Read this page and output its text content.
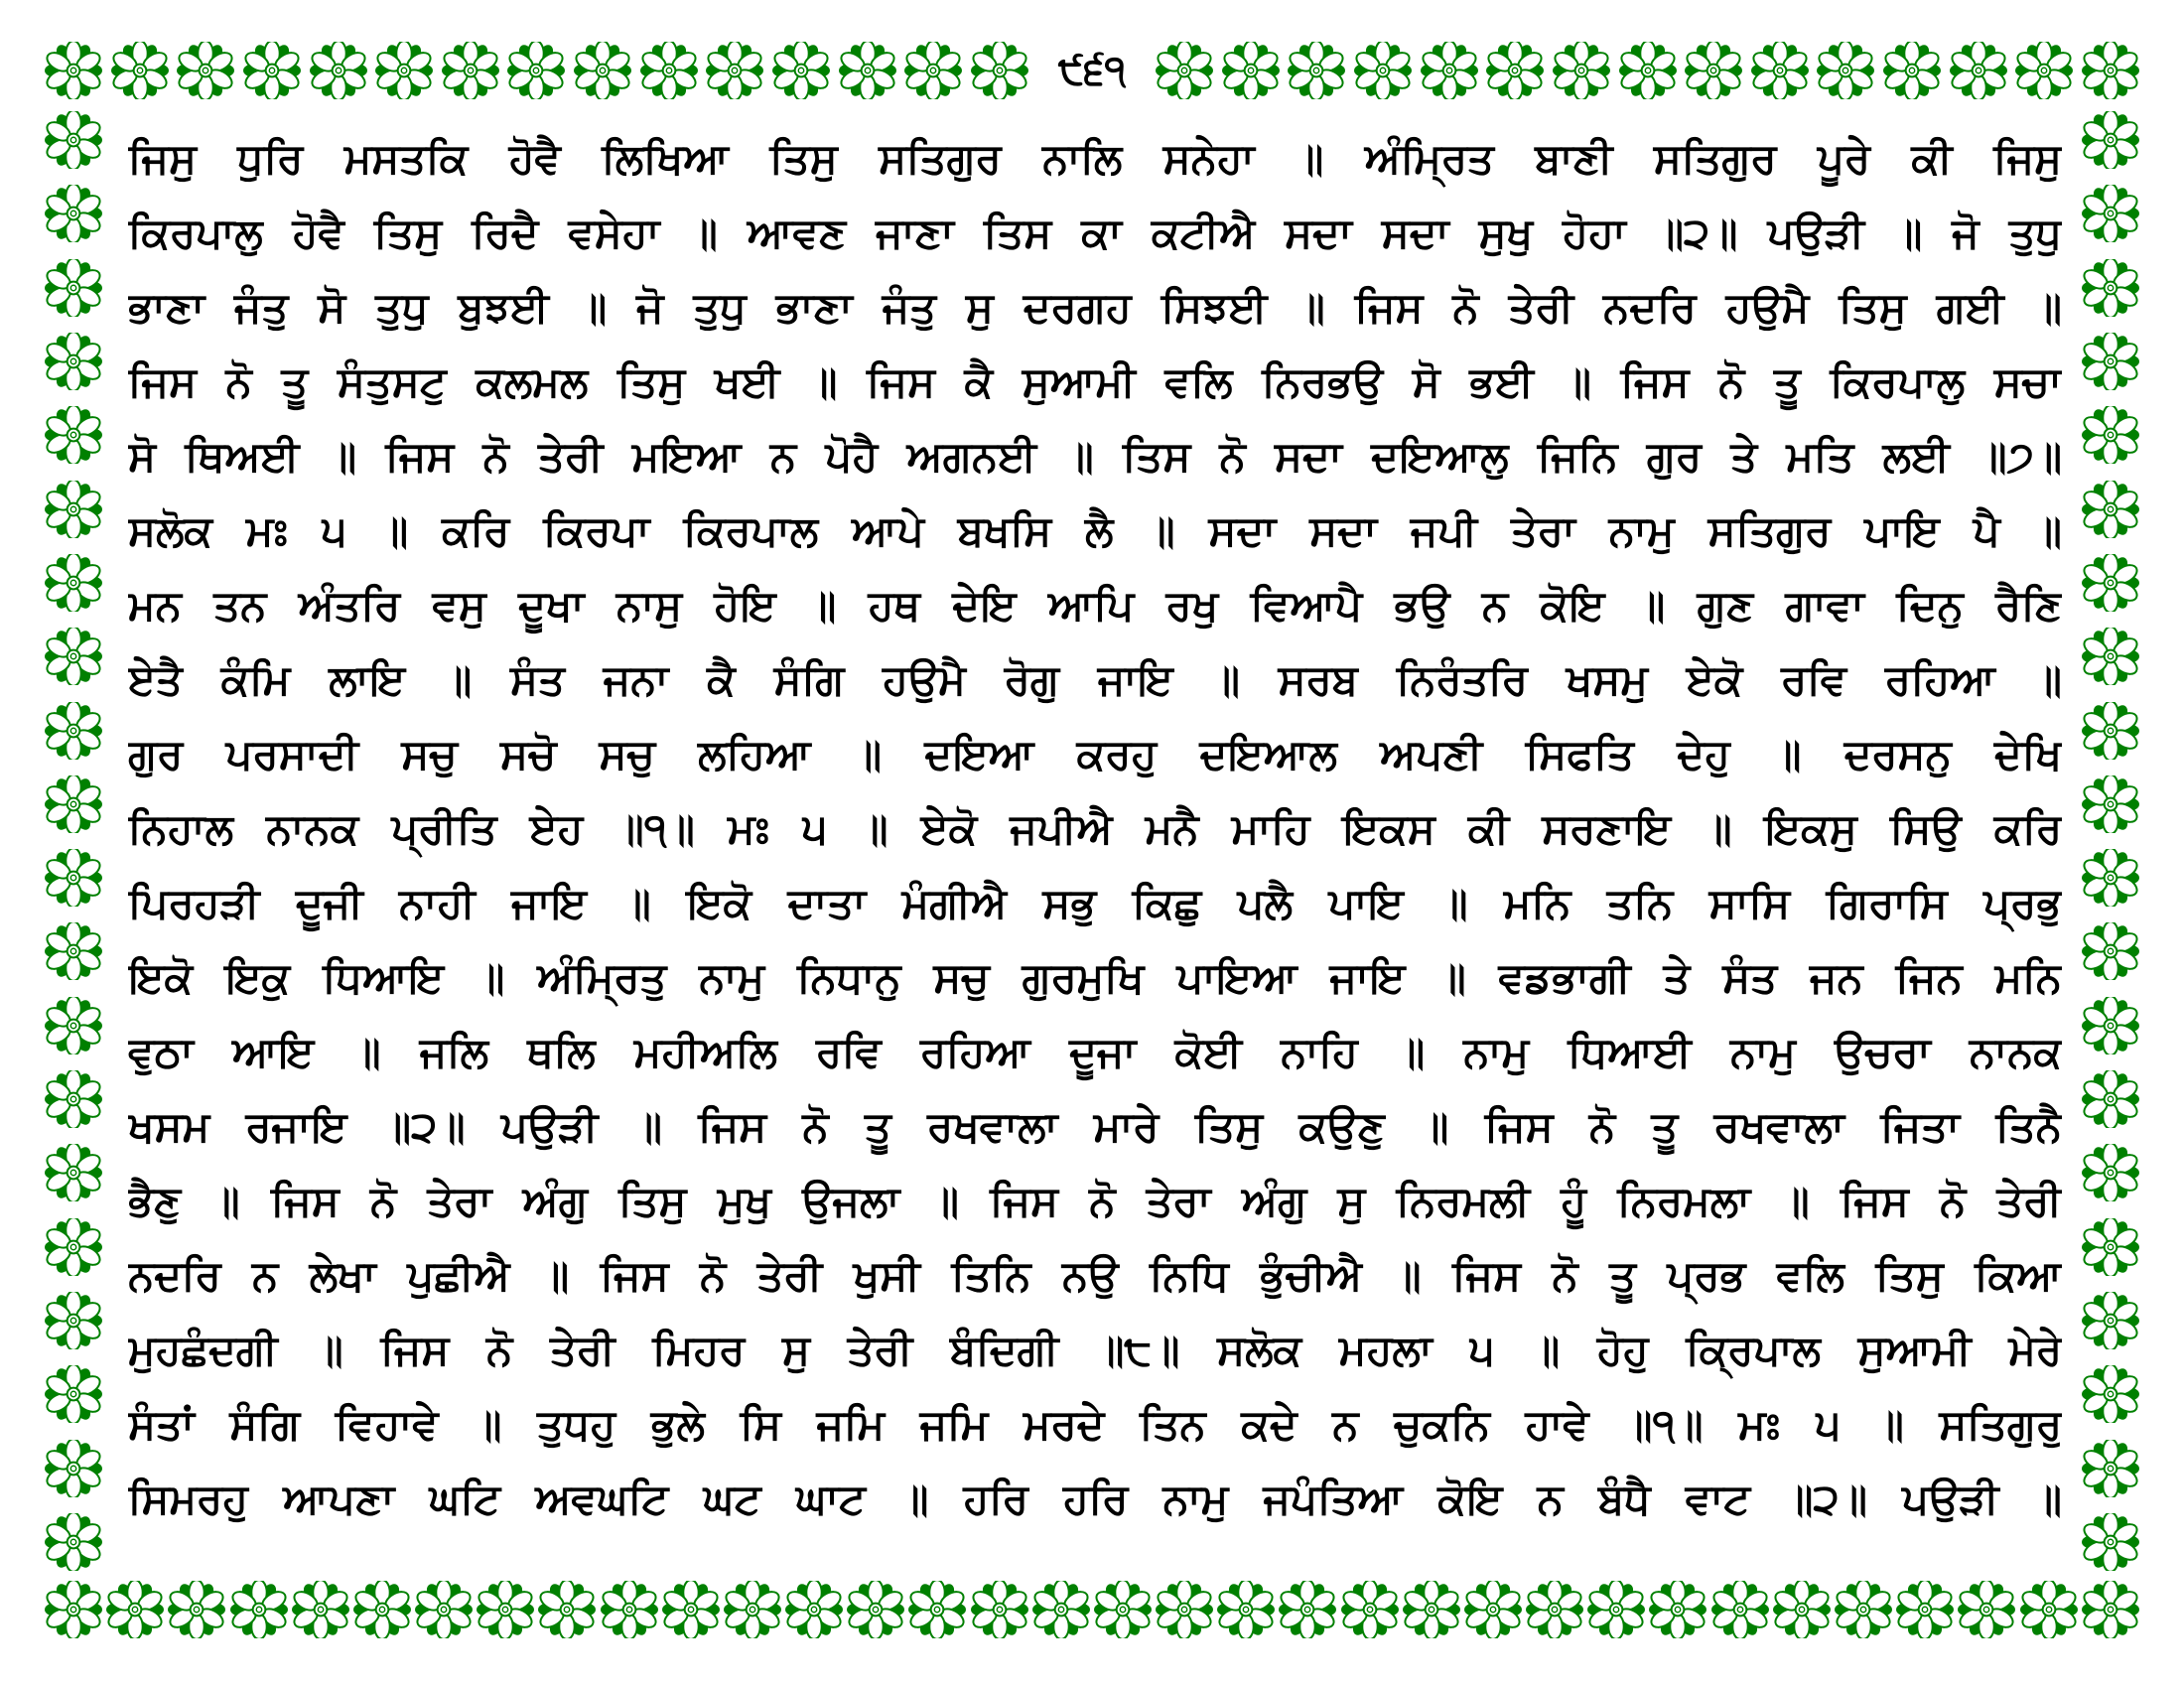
੯੬੧
ਜਿਸੁ ਧੁਰਿ ਮਸਤਕਿ ਹੋਵੈ ਲਿਖਿਆ ਤਿਸੁ ਸਤਿਗੁਰ ਨਾਲਿ ਸਨੇਹਾ ॥ ਅੰਮ੍ਰਿਤ ਬਾਣੀ ਸਤਿਗੁਰ ਪੂਰੇ ਕੀ ਜਿਸੁ
ਕਿਰਪਾਲੁ ਹੋਵੈ ਤਿਸੁ ਰਿਦੈ ਵਸੇਹਾ ॥ ਆਵਣ ਜਾਣਾ ਤਿਸ ਕਾ ਕਟੀਐ ਸਦਾ ਸਦਾ ਸੁਖੁ ਹੋਹਾ ॥੨॥ ਪਉੜੀ ॥ ਜੋ ਤੁਧੁ
ਭਾਣਾ ਜੰਤੁ ਸੋ ਤੁਧੁ ਬੁਝਈ ॥ ਜੋ ਤੁਧੁ ਭਾਣਾ ਜੰਤੁ ਸੁ ਦਰਗਹ ਸਿਝਈ ॥ ਜਿਸ ਨੋ ਤੇਰੀ ਨਦਰਿ ਹਉਮੈ ਤਿਸੁ ਗਈ ॥
ਜਿਸ ਨੋ ਤੂ ਸੰਤੁਸਟੁ ਕਲਮਲ ਤਿਸੁ ਖਈ ॥ ਜਿਸ ਕੈ ਸੁਆਮੀ ਵਲਿ ਨਿਰਭਉ ਸੋ ਭਈ ॥ ਜਿਸ ਨੋ ਤੂ ਕਿਰਪਾਲੁ ਸਚਾ
ਸੋ ਥਿਅਈ ॥ ਜਿਸ ਨੋ ਤੇਰੀ ਮਇਆ ਨ ਪੋਹੈ ਅਗਨਈ ॥ ਤਿਸ ਨੋ ਸਦਾ ਦਇਆਲੁ ਜਿਨਿ ਗੁਰ ਤੇ ਮਤਿ ਲਈ ॥੭॥
ਸਲੋਕ ਮਃ ੫ ॥ ਕਰਿ ਕਿਰਪਾ ਕਿਰਪਾਲ ਆਪੇ ਬਖਸਿ ਲੈ ॥ ਸਦਾ ਸਦਾ ਜਪੀ ਤੇਰਾ ਨਾਮੁ ਸਤਿਗੁਰ ਪਾਇ ਪੈ ॥
ਮਨ ਤਨ ਅੰਤਰਿ ਵਸੁ ਦੂਖਾ ਨਾਸੁ ਹੋਇ ॥ ਹਥ ਦੇਇ ਆਪਿ ਰਖੁ ਵਿਆਪੈ ਭਉ ਨ ਕੋਇ ॥ ਗੁਣ ਗਾਵਾ ਦਿਨੁ ਰੈਣਿ
ਏਤੈ ਕੰਮਿ ਲਾਇ ॥ ਸੰਤ ਜਨਾ ਕੈ ਸੰਗਿ ਹਉਮੈ ਰੋਗੁ ਜਾਇ ॥ ਸਰਬ ਨਿਰੰਤਰਿ ਖਸਮੁ ਏਕੋ ਰਵਿ ਰਹਿਆ ॥
ਗੁਰ ਪਰਸਾਦੀ ਸਚੁ ਸਚੋ ਸਚੁ ਲਹਿਆ ॥ ਦਇਆ ਕਰਹੁ ਦਇਆਲ ਅਪਣੀ ਸਿਫਤਿ ਦੇਹੁ ॥ ਦਰਸਨੁ ਦੇਖਿ
ਨਿਹਾਲ ਨਾਨਕ ਪ੍ਰੀਤਿ ਏਹ ॥੧॥ ਮਃ ੫ ॥ ਏਕੋ ਜਪੀਐ ਮਨੈ ਮਾਹਿ ਇਕਸ ਕੀ ਸਰਣਾਇ ॥ ਇਕਸੁ ਸਿਉ ਕਰਿ
ਪਿਰਹੜੀ ਦੂਜੀ ਨਾਹੀ ਜਾਇ ॥ ਇਕੋ ਦਾਤਾ ਮੰਗੀਐ ਸਭੁ ਕਿਛੁ ਪਲੈ ਪਾਇ ॥ ਮਨਿ ਤਨਿ ਸਾਸਿ ਗਿਰਾਸਿ ਪ੍ਰਭੁ
ਇਕੋ ਇਕੁ ਧਿਆਇ ॥ ਅੰਮ੍ਰਿਤੁ ਨਾਮੁ ਨਿਧਾਨੁ ਸਚੁ ਗੁਰਮੁਖਿ ਪਾਇਆ ਜਾਇ ॥ ਵਡਭਾਗੀ ਤੇ ਸੰਤ ਜਨ ਜਿਨ ਮਨਿ
ਵੁਠਾ ਆਇ ॥ ਜਲਿ ਥਲਿ ਮਹੀਅਲਿ ਰਵਿ ਰਹਿਆ ਦੂਜਾ ਕੋਈ ਨਾਹਿ ॥ ਨਾਮੁ ਧਿਆਈ ਨਾਮੁ ਉਚਰਾ ਨਾਨਕ
ਖਸਮ ਰਜਾਇ ॥੨॥ ਪਉੜੀ ॥ ਜਿਸ ਨੋ ਤੂ ਰਖਵਾਲਾ ਮਾਰੇ ਤਿਸੁ ਕਉਣੁ ॥ ਜਿਸ ਨੋ ਤੂ ਰਖਵਾਲਾ ਜਿਤਾ ਤਿਨੈ
ਭੈਣੁ ॥ ਜਿਸ ਨੋ ਤੇਰਾ ਅੰਗੁ ਤਿਸੁ ਮੁਖੁ ਉਜਲਾ ॥ ਜਿਸ ਨੋ ਤੇਰਾ ਅੰਗੁ ਸੁ ਨਿਰਮਲੀ ਹੂੰ ਨਿਰਮਲਾ ॥ ਜਿਸ ਨੋ ਤੇਰੀ
ਨਦਰਿ ਨ ਲੇਖਾ ਪੁਛੀਐ ॥ ਜਿਸ ਨੋ ਤੇਰੀ ਖੁਸੀ ਤਿਨਿ ਨਉ ਨਿਧਿ ਭੁੰਚੀਐ ॥ ਜਿਸ ਨੋ ਤੂ ਪ੍ਰਭ ਵਲਿ ਤਿਸੁ ਕਿਆ
ਮੁਹਛੰਦਗੀ ॥ ਜਿਸ ਨੋ ਤੇਰੀ ਮਿਹਰ ਸੁ ਤੇਰੀ ਬੰਦਿਗੀ ॥੮॥ ਸਲੋਕ ਮਹਲਾ ੫ ॥ ਹੋਹੁ ਕ੍ਰਿਪਾਲ ਸੁਆਮੀ ਮੇਰੇ
ਸੰਤਾਂ ਸੰਗਿ ਵਿਹਾਵੇ ॥ ਤੁਧਹੁ ਭੁਲੇ ਸਿ ਜਮਿ ਜਮਿ ਮਰਦੇ ਤਿਨ ਕਦੇ ਨ ਚੁਕਨਿ ਹਾਵੇ ॥੧॥ ਮਃ ੫ ॥ ਸਤਿਗੁਰੁ
ਸਿਮਰਹੁ ਆਪਣਾ ਘਟਿ ਅਵਘਟਿ ਘਟ ਘਾਟ ॥ ਹਰਿ ਹਰਿ ਨਾਮੁ ਜਪੰਤਿਆ ਕੋਇ ਨ ਬੰਧੈ ਵਾਟ ॥੨॥ ਪਉੜੀ ॥
